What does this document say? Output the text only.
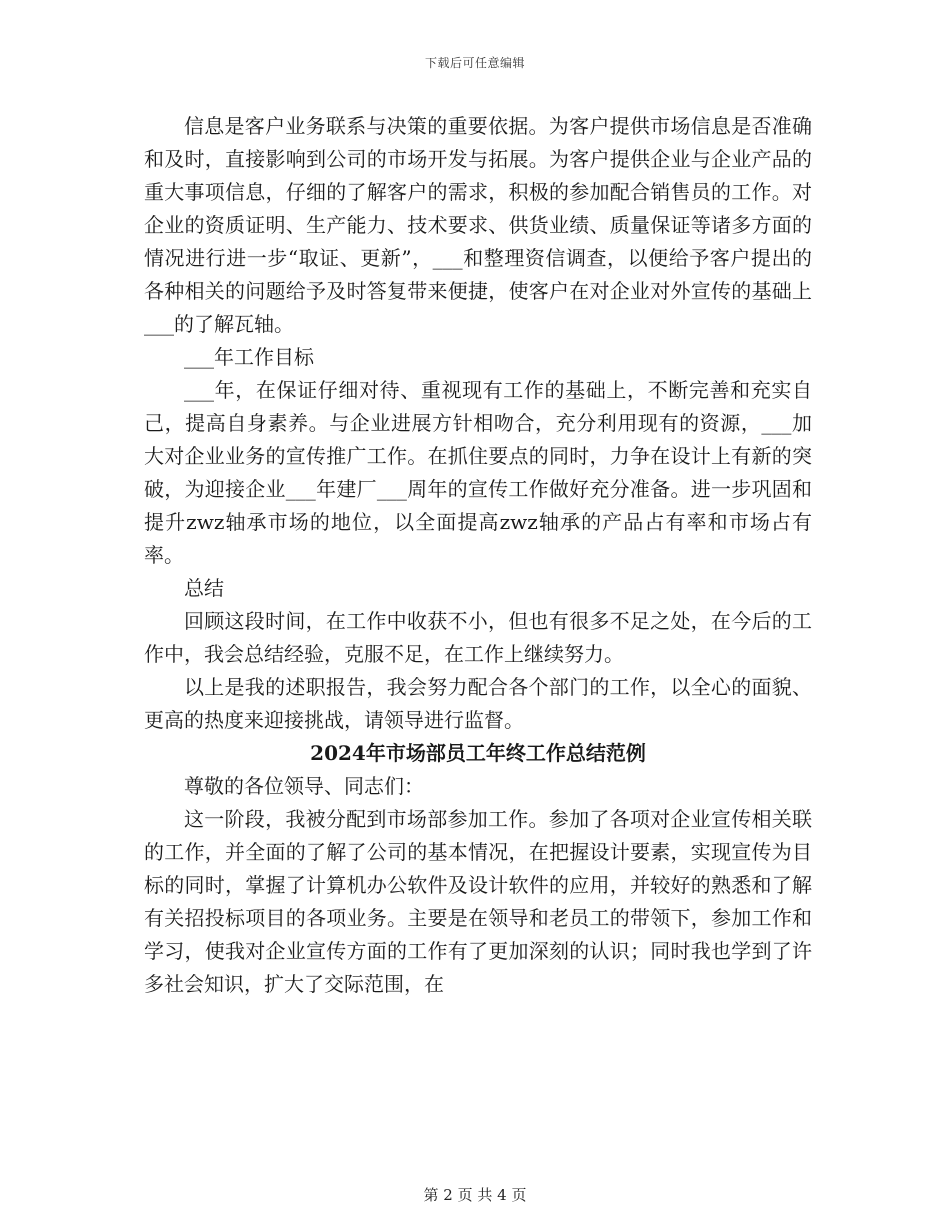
下载后可任意编辑

信息是客户业务联系与决策的重要依据。为客户提供市场信息是否准确和及时，直接影响到公司的市场开发与拓展。为客户提供企业与企业产品的重大事项信息，仔细的了解客户的需求，积极的参加配合销售员的工作。对企业的资质证明、生产能力、技术要求、供货业绩、质量保证等诸多方面的情况进行进一步“取证、更新”，___和整理资信调查，以便给予客户提出的各种相关的问题给予及时答复带来便捷，使客户在对企业对外宣传的基础上___的了解瓦轴。

___年工作目标

___年，在保证仔细对待、重视现有工作的基础上，不断完善和充实自己，提高自身素养。与企业进展方针相吻合，充分利用现有的资源，___加大对企业业务的宣传推广工作。在抓住要点的同时，力争在设计上有新的突破，为迎接企业___年建厂___周年的宣传工作做好充分准备。进一步巩固和提升zwz轴承市场的地位，以全面提高zwz轴承的产品占有率和市场占有率。

总结

回顾这段时间，在工作中收获不小，但也有很多不足之处，在今后的工作中，我会总结经验，克服不足，在工作上继续努力。

以上是我的述职报告，我会努力配合各个部门的工作，以全心的面貌、更高的热度来迎接挑战，请领导进行监督。

2024年市场部员工年终工作总结范例

尊敬的各位领导、同志们：

这一阶段，我被分配到市场部参加工作。参加了各项对企业宣传相关联的工作，并全面的了解了公司的基本情况，在把握设计要素，实现宣传为目标的同时，掌握了计算机办公软件及设计软件的应用，并较好的熟悉和了解有关招投标项目的各项业务。主要是在领导和老员工的带领下，参加工作和学习，使我对企业宣传方面的工作有了更加深刻的认识；同时我也学到了许多社会知识，扩大了交际范围，在

第 2 页 共 4 页
